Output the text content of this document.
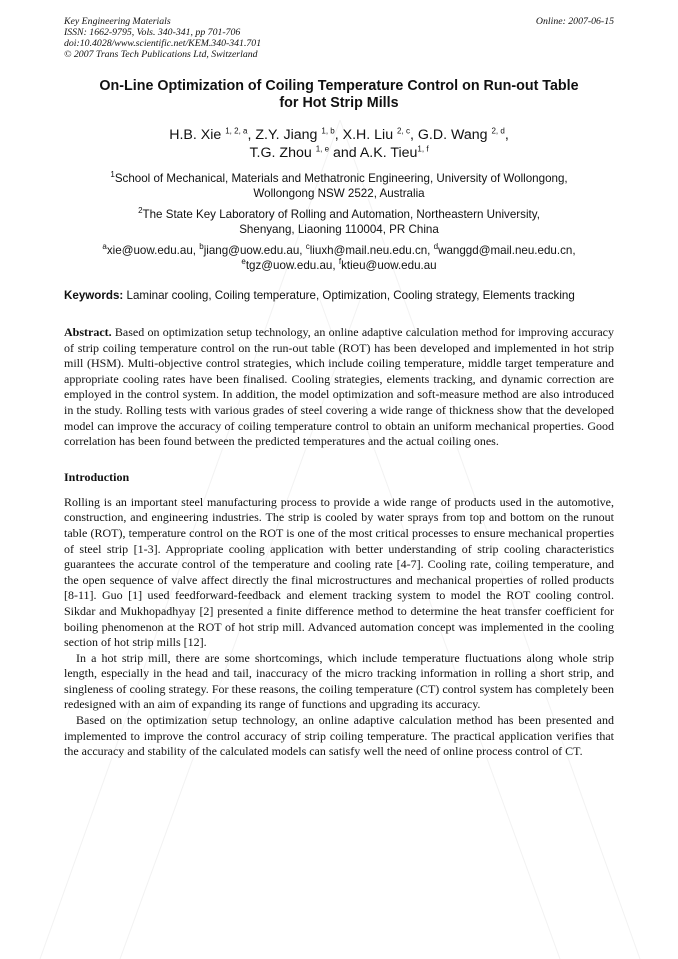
Key Engineering Materials
ISSN: 1662-9795, Vols. 340-341, pp 701-706
doi:10.4028/www.scientific.net/KEM.340-341.701
© 2007 Trans Tech Publications Ltd, Switzerland
Online: 2007-06-15
On-Line Optimization of Coiling Temperature Control on Run-out Table
for Hot Strip Mills
H.B. Xie $^{1, 2, a}$, Z.Y. Jiang $^{1, b}$, X.H. Liu $^{2, c}$, G.D. Wang $^{2, d}$,
T.G. Zhou $^{1, e}$ and A.K. Tieu$^{1, f}$
$^1$School of Mechanical, Materials and Methatronic Engineering, University of Wollongong,
Wollongong NSW 2522, Australia
$^2$The State Key Laboratory of Rolling and Automation, Northeastern University,
Shenyang, Liaoning 110004, PR China
$^a$xie@uow.edu.au, $^b$jiang@uow.edu.au, $^c$liuxh@mail.neu.edu.cn, $^d$wanggd@mail.neu.edu.cn,
$^e$tgz@uow.edu.au, $^f$ktieu@uow.edu.au
Keywords: Laminar cooling, Coiling temperature, Optimization, Cooling strategy, Elements tracking
Abstract. Based on optimization setup technology, an online adaptive calculation method for improving accuracy of strip coiling temperature control on the run-out table (ROT) has been developed and implemented in hot strip mill (HSM). Multi-objective control strategies, which include coiling temperature, middle target temperature and appropriate cooling rates have been finalised. Cooling strategies, elements tracking, and dynamic correction are employed in the control system. In addition, the model optimization and soft-measure method are also introduced in the study. Rolling tests with various grades of steel covering a wide range of thickness show that the developed model can improve the accuracy of coiling temperature control to obtain an uniform mechanical properties. Good correlation has been found between the predicted temperatures and the actual coiling ones.
Introduction
Rolling is an important steel manufacturing process to provide a wide range of products used in the automotive, construction, and engineering industries. The strip is cooled by water sprays from top and bottom on the runout table (ROT), temperature control on the ROT is one of the most critical processes to ensure mechanical properties of steel strip [1-3]. Appropriate cooling application with better understanding of strip cooling characteristics guarantees the accurate control of the temperature and cooling rate [4-7]. Cooling rate, coiling temperature, and the open sequence of valve affect directly the final microstructures and mechanical properties of rolled products [8-11]. Guo [1] used feedforward-feedback and element tracking system to model the ROT cooling control. Sikdar and Mukhopadhyay [2] presented a finite difference method to determine the heat transfer coefficient for boiling phenomenon at the ROT of hot strip mill. Advanced automation concept was implemented in the cooling section of hot strip mills [12].
In a hot strip mill, there are some shortcomings, which include temperature fluctuations along whole strip length, especially in the head and tail, inaccuracy of the micro tracking information in rolling a short strip, and singleness of cooling strategy. For these reasons, the coiling temperature (CT) control system has completely been redesigned with an aim of expanding its range of functions and upgrading its accuracy.
Based on the optimization setup technology, an online adaptive calculation method has been presented and implemented to improve the control accuracy of strip coiling temperature. The practical application verifies that the accuracy and stability of the calculated models can satisfy well the need of online process control of CT.
